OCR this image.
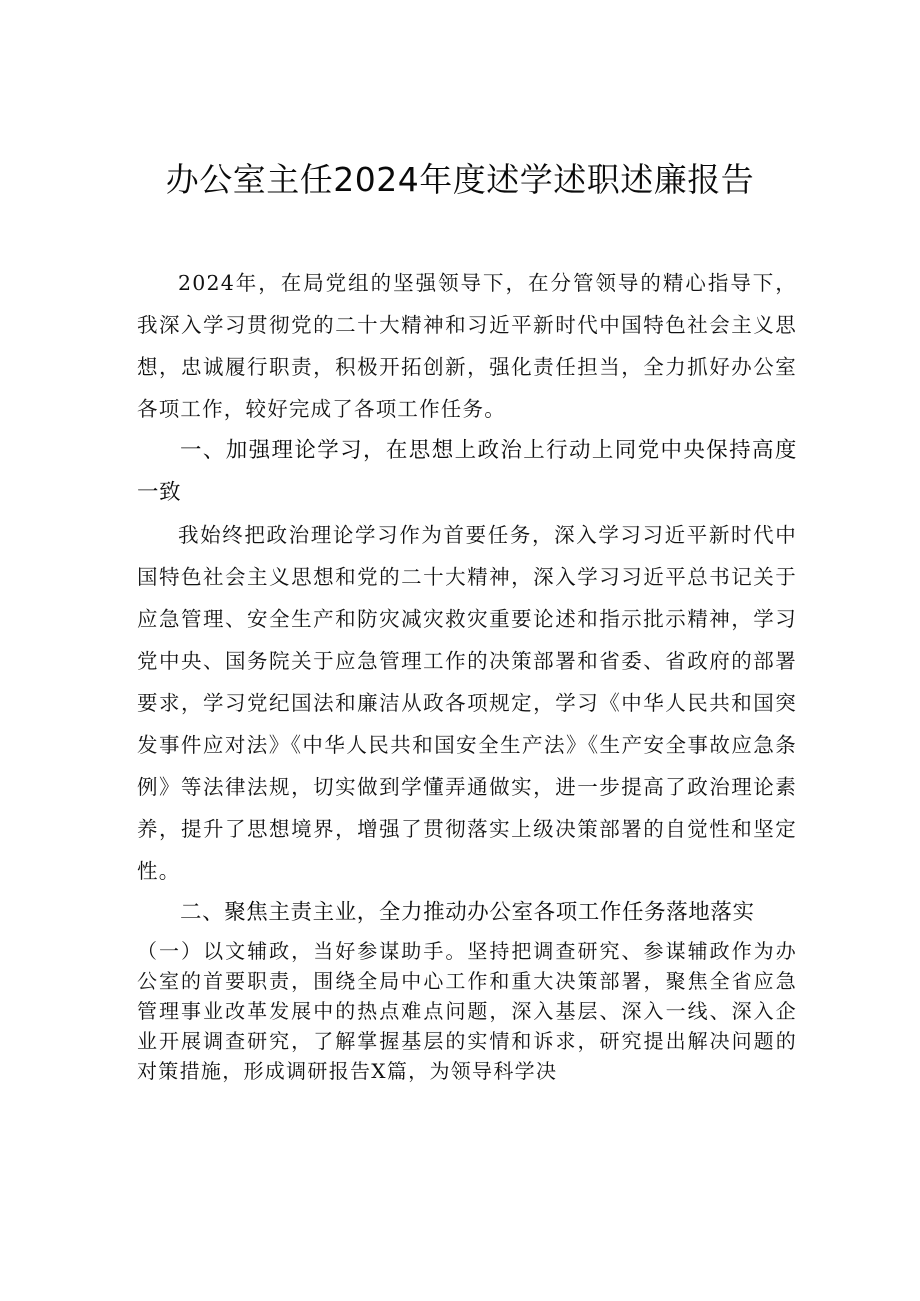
办公室主任2024年度述学述职述廉报告

2024年，在局党组的坚强领导下，在分管领导的精心指导下，我深入学习贯彻党的二十大精神和习近平新时代中国特色社会主义思想，忠诚履行职责，积极开拓创新，强化责任担当，全力抓好办公室各项工作，较好完成了各项工作任务。

一、加强理论学习，在思想上政治上行动上同党中央保持高度一致

我始终把政治理论学习作为首要任务，深入学习习近平新时代中国特色社会主义思想和党的二十大精神，深入学习习近平总书记关于应急管理、安全生产和防灾减灾救灾重要论述和指示批示精神，学习党中央、国务院关于应急管理工作的决策部署和省委、省政府的部署要求，学习党纪国法和廉洁从政各项规定，学习《中华人民共和国突发事件应对法》《中华人民共和国安全生产法》《生产安全事故应急条例》等法律法规，切实做到学懂弄通做实，进一步提高了政治理论素养，提升了思想境界，增强了贯彻落实上级决策部署的自觉性和坚定性。

二、聚焦主责主业，全力推动办公室各项工作任务落地落实

（一）以文辅政，当好参谋助手。坚持把调查研究、参谋辅政作为办公室的首要职责，围绕全局中心工作和重大决策部署，聚焦全省应急管理事业改革发展中的热点难点问题，深入基层、深入一线、深入企业开展调查研究，了解掌握基层的实情和诉求，研究提出解决问题的对策措施，形成调研报告X篇，为领导科学决
